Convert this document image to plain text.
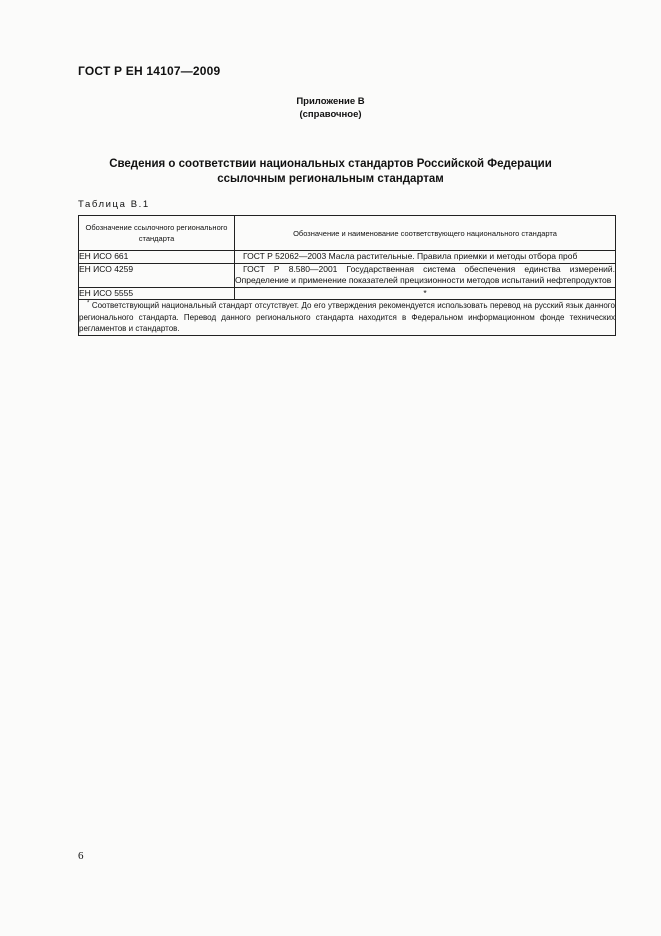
ГОСТ Р ЕН 14107—2009
Приложение В
(справочное)
Сведения о соответствии национальных стандартов Российской Федерации
ссылочным региональным стандартам
Таблица В.1
Обозначение ссылочного регионального стандарта	Обозначение и наименование соответствующего национального стандарта
ЕН ИСО 661	ГОСТ Р 52062—2003 Масла растительные. Правила приемки и методы отбора проб
ЕН ИСО 4259	ГОСТ Р 8.580—2001 Государственная система обеспечения единства измерений. Определение и применение показателей прецизионности методов испытаний нефтепродуктов
ЕН ИСО 5555	*
* Соответствующий национальный стандарт отсутствует. До его утверждения рекомендуется использовать перевод на русский язык данного регионального стандарта. Перевод данного регионального стандарта находится в Федеральном информационном фонде технических регламентов и стандартов.	
6
